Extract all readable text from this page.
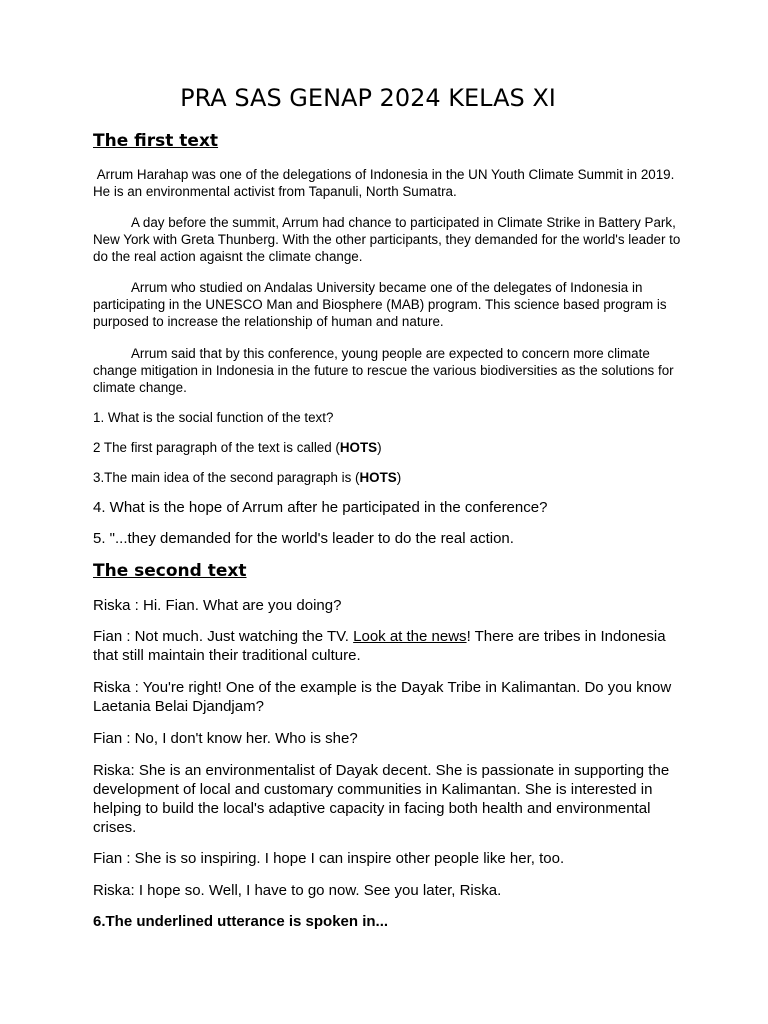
PRA SAS GENAP 2024 KELAS XI
The first text

Arrum Harahap was one of the delegations of Indonesia in the UN Youth Climate Summit in 2019. He is an environmental activist from Tapanuli, North Sumatra.

A day before the summit, Arrum had chance to participated in Climate Strike in Battery Park, New York with Greta Thunberg. With the other participants, they demanded for the world's leader to do the real action agaisnt the climate change.

Arrum who studied on Andalas University became one of the delegates of Indonesia in participating in the UNESCO Man and Biosphere (MAB) program. This science based program is purposed to increase the relationship of human and nature.

Arrum said that by this conference, young people are expected to concern more climate change mitigation in Indonesia in the future to rescue the various biodiversities as the solutions for climate change.

1. What is the social function of the text?

2 The first paragraph of the text is called (HOTS)

3.The main idea of the second paragraph is (HOTS)

4. What is the hope of Arrum after he participated in the conference?

5. "...they demanded for the world's leader to do the real action.

The second text

Riska : Hi. Fian. What are you doing?

Fian : Not much. Just watching the TV. Look at the news! There are tribes in Indonesia that still maintain their traditional culture.

Riska : You're right! One of the example is the Dayak Tribe in Kalimantan. Do you know Laetania Belai Djandjam?

Fian : No, I don't know her. Who is she?

Riska: She is an environmentalist of Dayak decent. She is passionate in supporting the development of local and customary communities in Kalimantan. She is interested in helping to build the local's adaptive capacity in facing both health and environmental crises.

Fian : She is so inspiring. I hope I can inspire other people like her, too.

Riska: I hope so. Well, I have to go now. See you later, Riska.

6.The underlined utterance is spoken in...
